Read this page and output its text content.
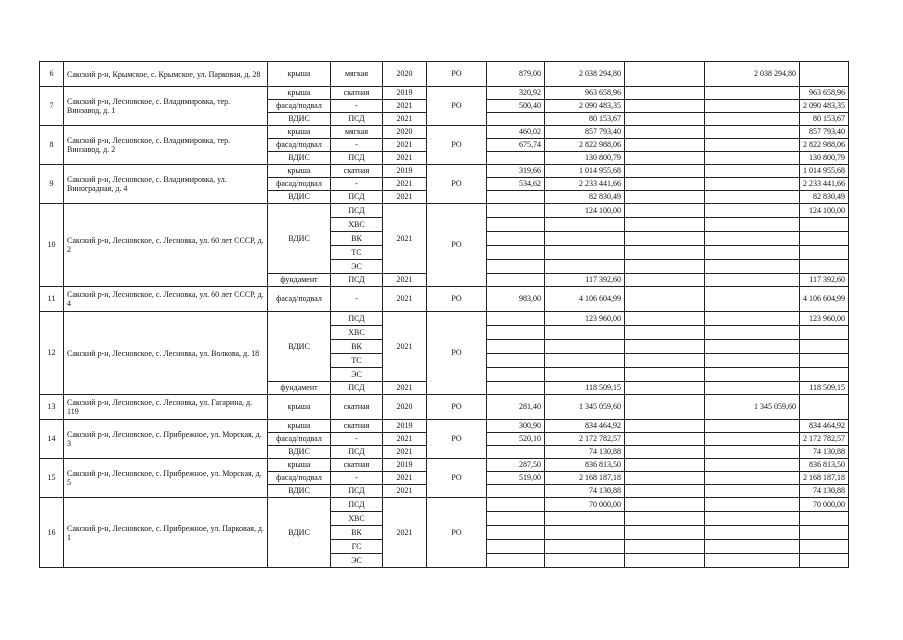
6	Сакский р-н, Крымское, с. Крымское, ул. Парковая, д. 28	крыша	мягкая	2020	РО	879,00	2 038 294,80		2 038 294,80	
7	Сакский р-н, Лесновское, с. Владимировка, тер. Винзавод, д. 1	крыша	скатная	2019	РО	320,92	963 658,96			963 658,96
		фасад/подвал	-	2021		500,40	2 090 483,35			2 090 483,35
		ВДИС	ПСД	2021			80 153,67			80 153,67
8	Сакский р-н, Лесновское, с. Владимировка, тер. Винзавод, д. 2	крыша	мягкая	2020	РО	460,02	857 793,40			857 793,40
		фасад/подвал	-	2021		675,74	2 822 988,06			2 822 988,06
		ВДИС	ПСД	2021			130 800,79			130 800,79
9	Сакский р-н, Лесновское, с. Владимировка, ул. Виноградная, д. 4	крыша	скатная	2019	РО	319,66	1 014 955,68			1 014 955,68
		фасад/подвал	-	2021		534,62	2 233 441,66			2 233 441,66
		ВДИС	ПСД	2021			82 830,49			82 830,49
10	Сакский р-н, Лесновское, с. Лесновка, ул. 60 лет СССР, д. 2	ВДИС	ПСД	2021	РО		124 100,00			124 100,00
			ХВС							
			ВК							
			ТС							
			ЭС							
		фундамент	ПСД	2021			117 392,60			117 392,60
11	Сакский р-н, Лесновское, с. Лесновка, ул. 60 лет СССР, д. 4	фасад/подвал	-	2021	РО	983,00	4 106 604,99			4 106 604,99
12	Сакский р-н, Лесновское, с. Лесновка, ул. Волкова, д. 18	ВДИС	ПСД	2021	РО		123 960,00			123 960,00
			ХВС							
			ВК							
			ТС							
			ЭС							
		фундамент	ПСД	2021			118 509,15			118 509,15
13	Сакский р-н, Лесновское, с. Лесновка, ул. Гагарина, д. 119	крыша	скатная	2020	РО	281,40	1 345 059,60		1 345 059,60	
14	Сакский р-н, Лесновское, с. Прибрежное, ул. Морская, д. 3	крыша	скатная	2019	РО	300,90	834 464,92			834 464,92
		фасад/подвал	-	2021		520,10	2 172 782,57			2 172 782,57
		ВДИС	ПСД	2021			74 130,88			74 130,88
15	Сакский р-н, Лесновское, с. Прибрежное, ул. Морская, д. 5	крыша	скатная	2019	РО	287,50	836 813,50			836 813,50
		фасад/подвал	-	2021		519,00	2 168 187,18			2 168 187,18
		ВДИС	ПСД	2021			74 130,88			74 130,88
16	Сакский р-н, Лесновское, с. Прибрежное, ул. Парковая, д. 1	ВДИС	ПСД	2021	РО		70 000,00			70 000,00
			ХВС							
			ВК							
			ГС							
			ЭС							
